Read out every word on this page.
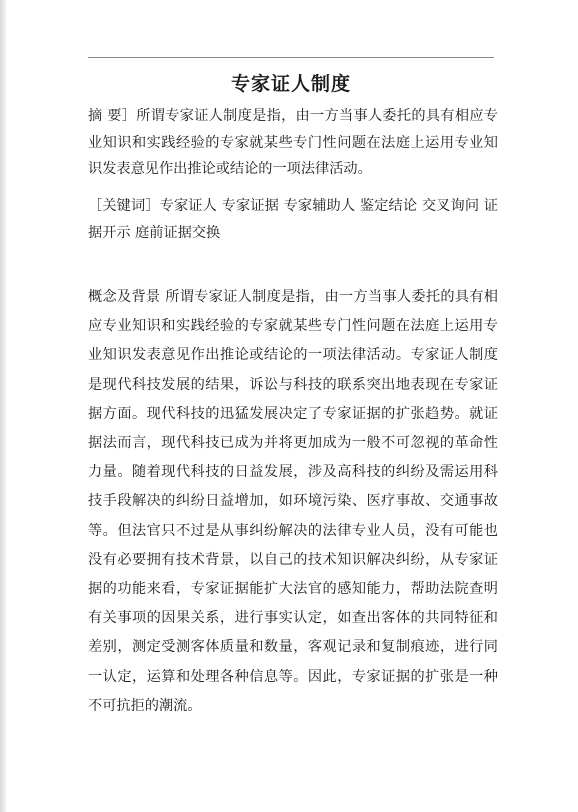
专家证人制度

摘 要］所谓专家证人制度是指，由一方当事人委托的具有相应专业知识和实践经验的专家就某些专门性问题在法庭上运用专业知识发表意见作出推论或结论的一项法律活动。

［关键词］专家证人 专家证据 专家辅助人 鉴定结论 交叉询问 证据开示 庭前证据交换

概念及背景 所谓专家证人制度是指，由一方当事人委托的具有相应专业知识和实践经验的专家就某些专门性问题在法庭上运用专业知识发表意见作出推论或结论的一项法律活动。专家证人制度是现代科技发展的结果，诉讼与科技的联系突出地表现在专家证据方面。现代科技的迅猛发展决定了专家证据的扩张趋势。就证据法而言，现代科技已成为并将更加成为一般不可忽视的革命性力量。随着现代科技的日益发展，涉及高科技的纠纷及需运用科技手段解决的纠纷日益增加，如环境污染、医疗事故、交通事故等。但法官只不过是从事纠纷解决的法律专业人员，没有可能也没有必要拥有技术背景，以自己的技术知识解决纠纷，从专家证据的功能来看，专家证据能扩大法官的感知能力，帮助法院查明有关事项的因果关系，进行事实认定，如查出客体的共同特征和差别，测定受测客体质量和数量，客观记录和复制痕迹，进行同一认定，运算和处理各种信息等。因此，专家证据的扩张是一种不可抗拒的潮流。
